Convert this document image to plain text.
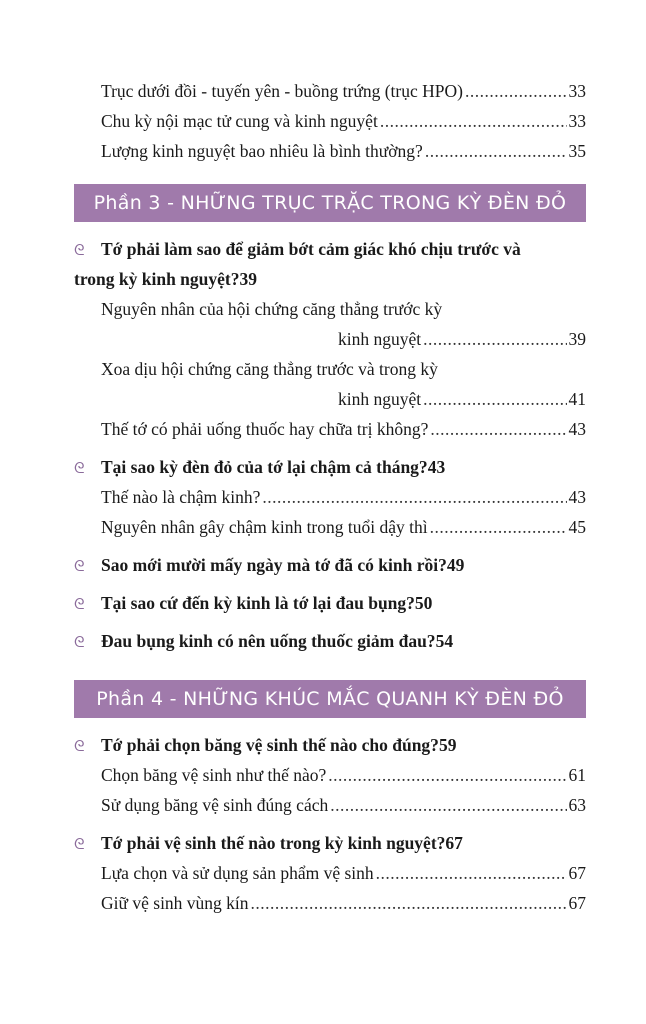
Trục dưới đồi - tuyến yên - buồng trứng (trục HPO) .....	33
Chu kỳ nội mạc tử cung và kinh nguyệt .....	33
Lượng kinh nguyệt bao nhiêu là bình thường? .....	35
Phần 3 - NHỮNG TRỤC TRẶC TRONG KỲ ĐÈN ĐỎ
ᘓ Tớ phải làm sao để giảm bớt cảm giác khó chịu trước và
trong kỳ kinh nguyệt? 39
Nguyên nhân của hội chứng căng thẳng trước kỳ
kinh nguyệt .....	39
Xoa dịu hội chứng căng thẳng trước và trong kỳ
kinh nguyệt .....	41
Thế tớ có phải uống thuốc hay chữa trị không? .....	43
ᘓ Tại sao kỳ đèn đỏ của tớ lại chậm cả tháng? 43
Thế nào là chậm kinh? .....	43
Nguyên nhân gây chậm kinh trong tuổi dậy thì .....	45
ᘓ Sao mới mười mấy ngày mà tớ đã có kinh rồi? 49
ᘓ Tại sao cứ đến kỳ kinh là tớ lại đau bụng? 50
ᘓ Đau bụng kinh có nên uống thuốc giảm đau? 54
Phần 4 - NHỮNG KHÚC MẮC QUANH KỲ ĐÈN ĐỎ
ᘓ Tớ phải chọn băng vệ sinh thế nào cho đúng? 59
Chọn băng vệ sinh như thế nào? .....	61
Sử dụng băng vệ sinh đúng cách .....	63
ᘓ Tớ phải vệ sinh thế nào trong kỳ kinh nguyệt? 67
Lựa chọn và sử dụng sản phẩm vệ sinh .....	67
Giữ vệ sinh vùng kín .....	67
